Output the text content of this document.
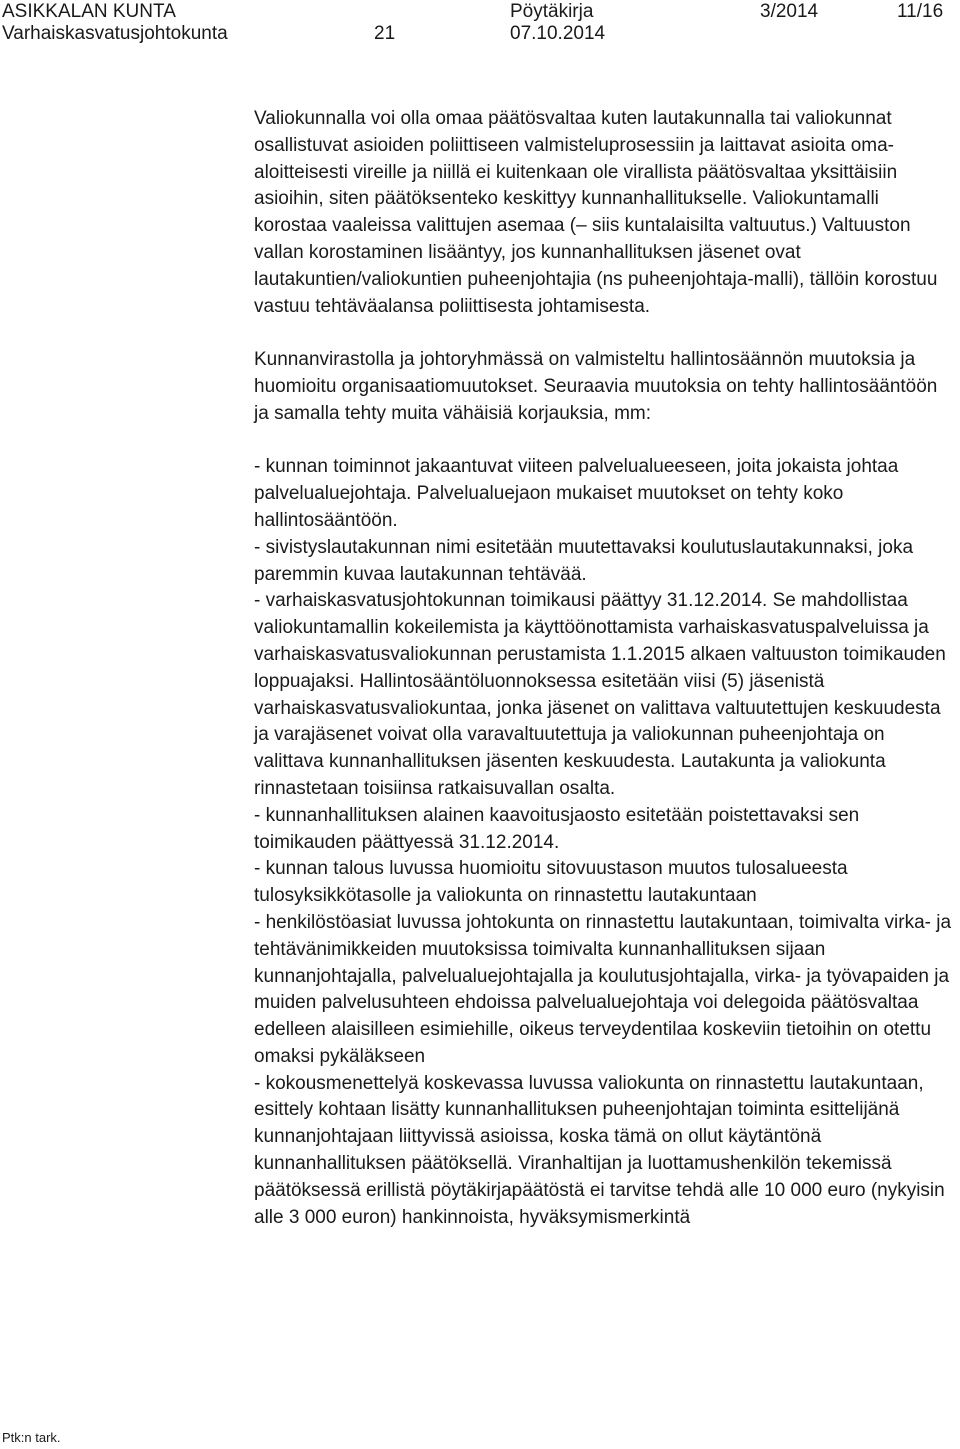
ASIKKALAN KUNTA	Pöytäkirja	3/2014	11/16
Varhaiskasvatusjohtokunta	21	07.10.2014

Valiokunnalla voi olla omaa päätösvaltaa kuten lautakunnalla tai valiokunnat osallistuvat asioiden poliittiseen valmisteluprosessiin ja laittavat asioita oma-aloitteisesti vireille ja niillä ei kuitenkaan ole virallista päätösvaltaa yksittäisiin asioihin, siten päätöksenteko keskittyy kunnanhallitukselle. Valiokuntamalli korostaa vaaleissa valittujen asemaa (– siis kuntalaisilta valtuutus.) Valtuuston vallan korostaminen lisääntyy, jos kunnanhallituksen jäsenet ovat lautakuntien/valiokuntien puheenjohtajia (ns puheenjohtaja-malli), tällöin korostuu vastuu tehtäväalansa poliittisesta johtamisesta.

Kunnanvirastolla ja johtoryhmässä on valmisteltu hallintosäännön muutoksia ja huomioitu organisaatiomuutokset. Seuraavia muutoksia on tehty hallintosääntöön ja samalla tehty muita vähäisiä korjauksia, mm:

- kunnan toiminnot jakaantuvat viiteen palvelualueeseen, joita jokaista johtaa palvelualuejohtaja. Palvelualuejaon mukaiset muutokset on tehty koko hallintosääntöön.
- sivistyslautakunnan nimi esitetään muutettavaksi koulutuslautakunnaksi, joka paremmin kuvaa lautakunnan tehtävää.
- varhaiskasvatusjohtokunnan toimikausi päättyy 31.12.2014. Se mahdollistaa valiokuntamallin kokeilemista ja käyttöönottamista varhaiskasvatuspalveluissa ja varhaiskasvatusvaliokunnan perustamista 1.1.2015 alkaen valtuuston toimikauden loppuajaksi. Hallintosääntöluonnoksessa esitetään viisi (5) jäsenistä varhaiskasvatusvaliokuntaa, jonka jäsenet on valittava valtuutettujen keskuudesta ja varajäsenet voivat olla varavaltuutettuja ja valiokunnan puheenjohtaja on valittava kunnanhallituksen jäsenten keskuudesta. Lautakunta ja valiokunta rinnastetaan toisiinsa ratkaisuvallan osalta.
- kunnanhallituksen alainen kaavoitusjaosto esitetään poistettavaksi sen toimikauden päättyessä 31.12.2014.
- kunnan talous luvussa huomioitu sitovuustason muutos tulosalueesta tulosyksikkötasolle ja valiokunta on rinnastettu lautakuntaan
- henkilöstöasiat luvussa johtokunta on rinnastettu lautakuntaan, toimivalta virka- ja tehtävänimikkeiden muutoksissa toimivalta kunnanhallituksen sijaan kunnanjohtajalla, palvelualuejohtajalla ja koulutusjohtajalla, virka- ja työvapaiden ja muiden palvelusuhteen ehdoissa palvelualuejohtaja voi delegoida päätösvaltaa edelleen alaisilleen esimiehille, oikeus terveydentilaa koskeviin tietoihin on otettu omaksi pykäläkseen
- kokousmenettelyä koskevassa luvussa valiokunta on rinnastettu lautakuntaan, esittely kohtaan lisätty kunnanhallituksen puheenjohtajan toiminta esittelijänä kunnanjohtajaan liittyvissä asioissa, koska tämä on ollut käytäntönä kunnanhallituksen päätöksellä. Viranhaltijan ja luottamushenkilön tekemissä päätöksessä erillistä pöytäkirjapäätöstä ei tarvitse tehdä alle 10 000 euro (nykyisin alle 3 000 euron) hankinnoista, hyväksymismerkintä
Ptk:n tark.
